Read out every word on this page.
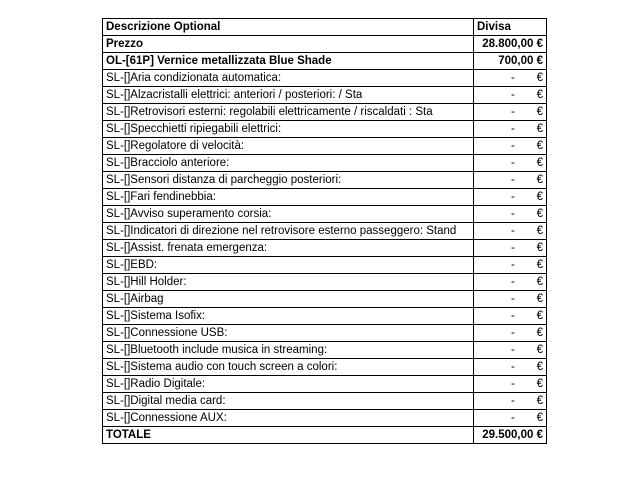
Descrizione Optional	Divisa
Prezzo	28.800,00 €
OL-[61P] Vernice metallizzata Blue Shade	700,00 €
SL-[]Aria condizionata automatica:	- €
SL-[]Alzacristalli elettrici: anteriori / posteriori: / Sta	- €
SL-[]Retrovisori esterni: regolabili elettricamente / riscaldati : Sta	- €
SL-[]Specchietti ripiegabili elettrici:	- €
SL-[]Regolatore di velocità:	- €
SL-[]Bracciolo anteriore:	- €
SL-[]Sensori distanza di parcheggio posteriori:	- €
SL-[]Fari fendinebbia:	- €
SL-[]Avviso superamento corsia:	- €
SL-[]Indicatori di direzione nel retrovisore esterno passeggero: Stand	- €
SL-[]Assist. frenata emergenza:	- €
SL-[]EBD:	- €
SL-[]Hill Holder:	- €
SL-[]Airbag	- €
SL-[]Sistema Isofix:	- €
SL-[]Connessione USB:	- €
SL-[]Bluetooth include musica in streaming:	- €
SL-[]Sistema audio con touch screen a colori:	- €
SL-[]Radio Digitale:	- €
SL-[]Digital media card:	- €
SL-[]Connessione AUX:	- €
TOTALE	29.500,00 €
